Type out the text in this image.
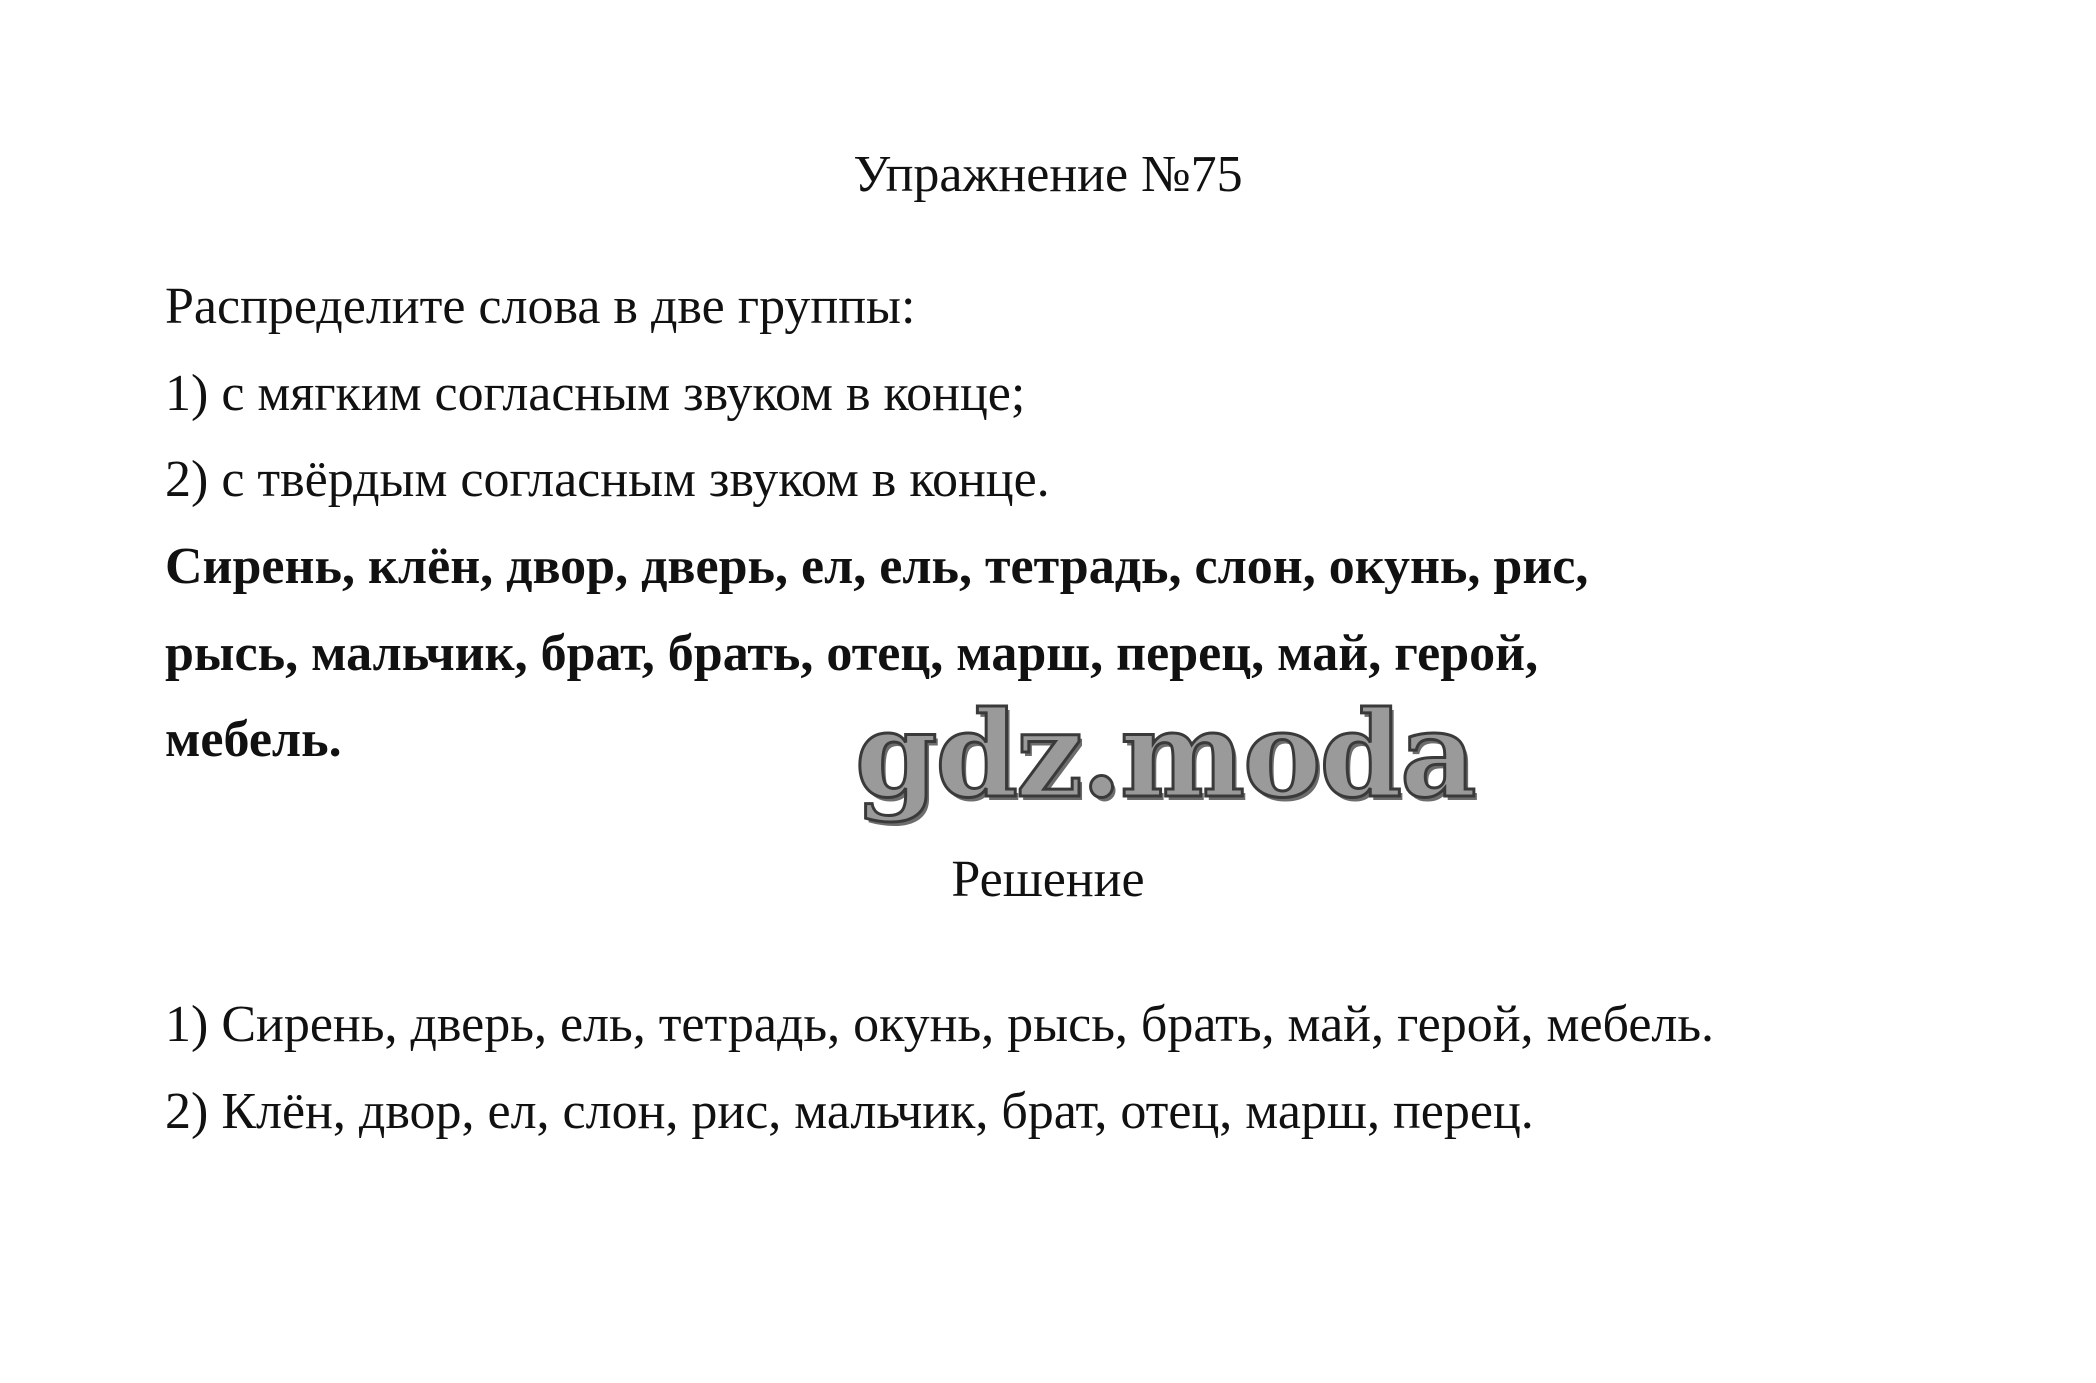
Упражнение №75
Распределите слова в две группы:
1) с мягким согласным звуком в конце;
2) с твёрдым согласным звуком в конце.
Сирень, клён, двор, дверь, ел, ель, тетрадь, слон, окунь, рис,
рысь, мальчик, брат, брать, отец, марш, перец, май, герой,
мебель.	gdz.moda
Решение
1) Сирень, дверь, ель, тетрадь, окунь, рысь, брать, май, герой, мебель.
2) Клён, двор, ел, слон, рис, мальчик, брат, отец, марш, перец.
